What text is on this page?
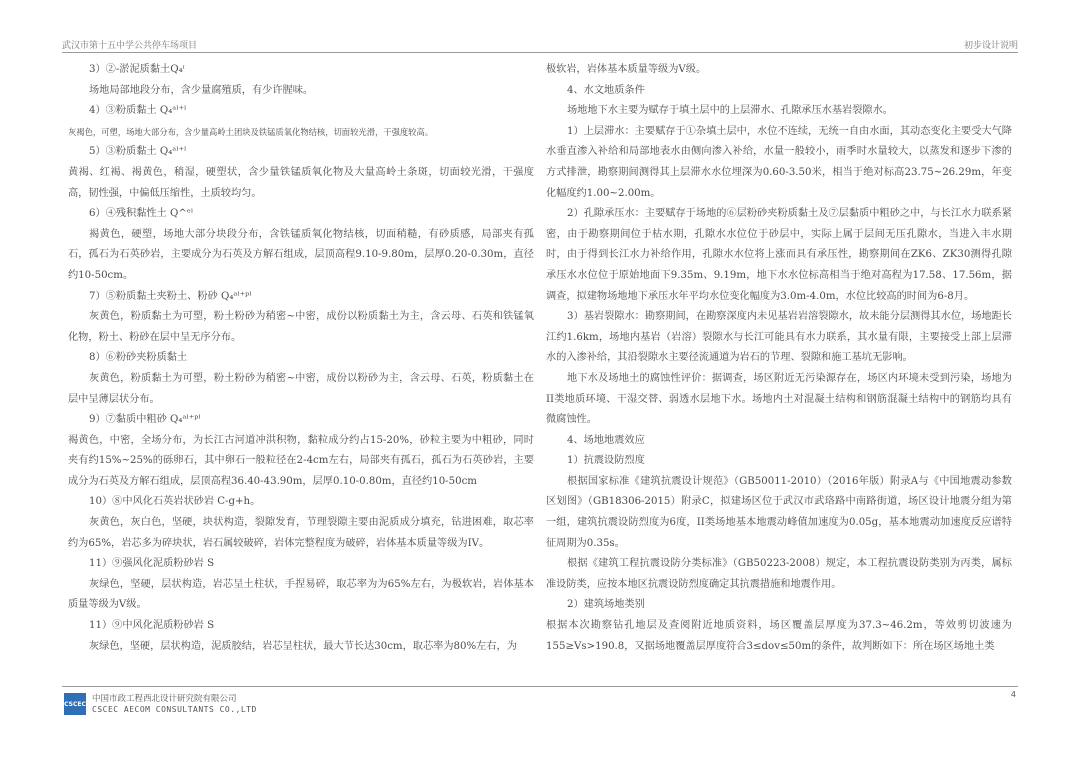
武汉市第十五中学公共停车场项目	初步设计说明

3）②-淤泥质黏土Q₄ᶦ

场地局部地段分布，含少量腐殖质，有少许腥味。

4）③粉质黏土 Q₄ᵃˡ⁺ˡ

灰褐色，可塑，场地大部分布，含少量高岭土团块及铁锰质氧化物结核，切面较光滑，干强度较高。

5）③粉质黏土 Q₄ᵃˡ⁺ˡ

黄褐、红褐、褐黄色，稍湿，硬塑状，含少量铁锰质氧化物及大量高岭土条斑，切面较光滑，干强度高，韧性强，中偏低压缩性，土质较均匀。

6）④残积黏性土 Q^ᵉˡ

褐黄色，硬塑，场地大部分块段分布，含铁锰质氧化物结核，切面稍糙，有砂质感，局部夹有孤石，孤石为石英砂岩，主要成分为石英及方解石组成，层顶高程9.10-9.80m，层厚0.20-0.30m，直径约10-50cm。

7）⑤粉质黏土夹粉土、粉砂 Q₄ᵃˡ⁺ᵖˡ

灰黄色，粉质黏土为可塑，粉土粉砂为稍密~中密，成份以粉质黏土为主，含云母、石英和铁锰氧化物，粉土、粉砂在层中呈无序分布。

8）⑥粉砂夹粉质黏土

灰黄色，粉质黏土为可塑，粉土粉砂为稍密~中密，成份以粉砂为主，含云母、石英，粉质黏土在层中呈薄层状分布。

9）⑦黏质中粗砂 Q₄ᵃˡ⁺ᵖˡ

褐黄色，中密，全场分布，为长江古河道冲洪积物，黏粒成分约占15-20%，砂粒主要为中粗砂，同时夹有约15%~25%的砾卵石，其中卵石一般粒径在2-4cm左右，局部夹有孤石，孤石为石英砂岩，主要成分为石英及方解石组成，层顶高程36.40-43.90m，层厚0.10-0.80m，直径约10-50cm

10）⑧中风化石英岩状砂岩 C-g+h。

灰黄色，灰白色，坚硬，块状构造，裂隙发育，节理裂隙主要由泥质成分填充，钻进困难，取芯率约为65%，岩芯多为碎块状，岩石属较破碎，岩体完整程度为破碎，岩体基本质量等级为IV。

11）⑨强风化泥质粉砂岩 S

灰绿色，坚硬，层状构造，岩芯呈土柱状，手捏易碎，取芯率为为65%左右，为极软岩，岩体基本质量等级为V级。

11）⑨中风化泥质粉砂岩 S

灰绿色，坚硬，层状构造，泥质胶结，岩芯呈柱状，最大节长达30cm，取芯率为80%左右，为

极软岩，岩体基本质量等级为V级。

4、水文地质条件

场地地下水主要为赋存于填土层中的上层滞水、孔隙承压水基岩裂隙水。

1）上层滞水：主要赋存于①杂填土层中，水位不连续，无统一自由水面，其动态变化主要受大气降水垂直渗入补给和局部地表水由侧向渗入补给，水量一般较小，雨季时水量较大，以蒸发和逐步下渗的方式排泄，勘察期间测得其上层滞水水位埋深为0.60-3.50米，相当于绝对标高23.75~26.29m，年变化幅度约1.00~2.00m。

2）孔隙承压水：主要赋存于场地的⑥层粉砂夹粉质黏土及⑦层黏质中粗砂之中，与长江水力联系紧密，由于勘察期间位于枯水期，孔隙水水位位于砂层中，实际上属于层间无压孔隙水，当进入丰水期时，由于得到长江水力补给作用，孔隙水水位将上涨而具有承压性，勘察期间在ZK6、ZK30测得孔隙承压水水位位于原始地面下9.35m、9.19m，地下水水位标高相当于绝对高程为17.58、17.56m，据调查，拟建物场地地下承压水年平均水位变化幅度为3.0m-4.0m，水位比较高的时间为6-8月。

3）基岩裂隙水：勘察期间，在勘察深度内未见基岩岩溶裂隙水，故未能分层测得其水位，场地距长江约1.6km，场地内基岩（岩溶）裂隙水与长江可能具有水力联系，其水量有限，主要接受上部上层滞水的入渗补给，其沿裂隙水主要径流通道为岩石的节理、裂隙和施工基坑无影响。

地下水及场地土的腐蚀性评价：据调查，场区附近无污染源存在，场区内环境未受到污染，场地为II类地质环境、干湿交替、弱透水层地下水。场地内土对混凝土结构和钢筋混凝土结构中的钢筋均具有微腐蚀性。

4、场地地震效应

1）抗震设防烈度

根据国家标准《建筑抗震设计规范》（GB50011-2010）（2016年版）附录A与《中国地震动参数区划图》（GB18306-2015）附录C，拟建场区位于武汉市武珞路中南路街道，场区设计地震分组为第一组，建筑抗震设防烈度为6度，II类场地基本地震动峰值加速度为0.05g，基本地震动加速度反应谱特征周期为0.35s。

根据《建筑工程抗震设防分类标准》（GB50223-2008）规定，本工程抗震设防类别为丙类，属标准设防类，应按本地区抗震设防烈度确定其抗震措施和地震作用。

2）建筑场地类别

根据本次勘察钻孔地层及查阅附近地质资料，场区覆盖层厚度为37.3~46.2m，等效剪切波速为155≥Vs>190.8，又据场地覆盖层厚度符合3≤dov≤50m的条件，故判断如下：所在场区场地土类

CSCEC 中国市政工程西北设计研究院有限公司
CSCEC AECOM CONSULTANTS CO.,LTD
4
